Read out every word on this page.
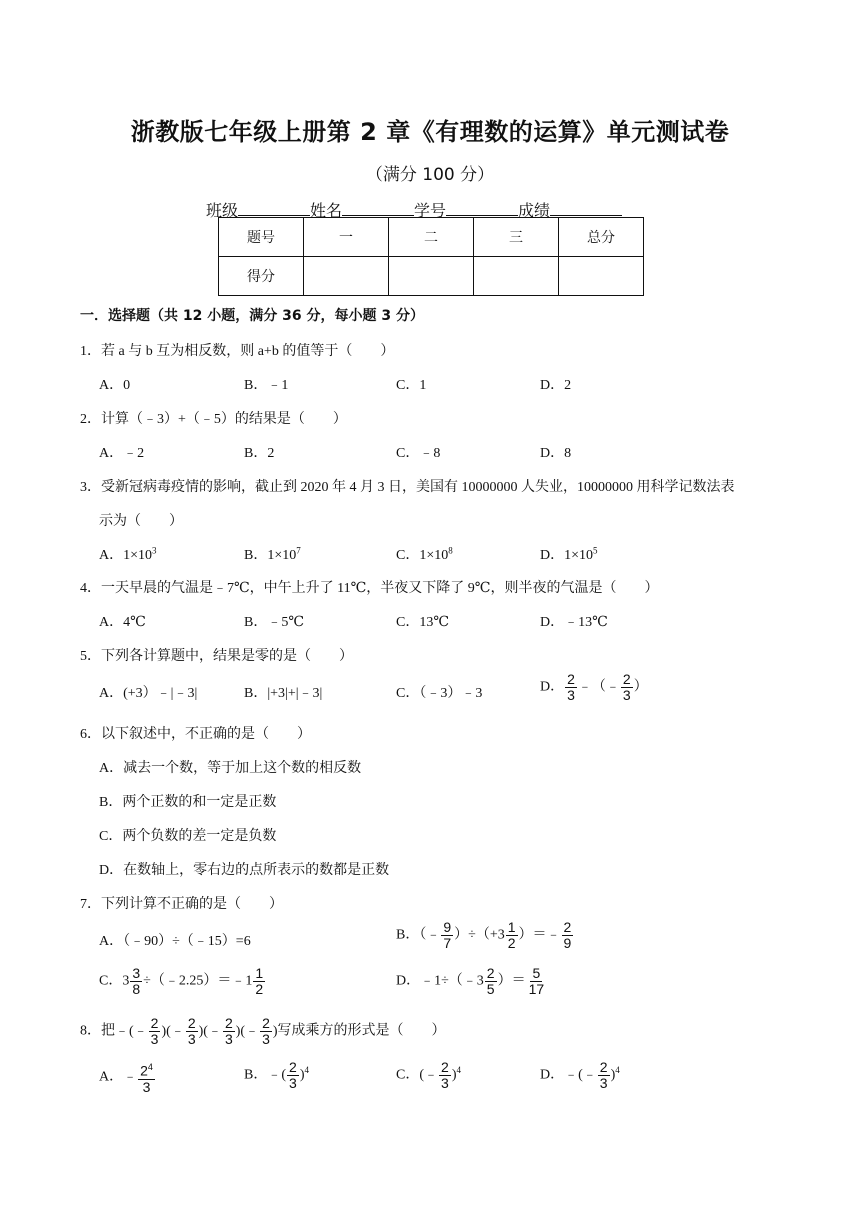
浙教版七年级上册第 2 章《有理数的运算》单元测试卷
（满分 100 分）
班级	姓名	学号	成绩
题号	一	二	三	总分
得分				
一．选择题（共 12 小题，满分 36 分，每小题 3 分）
1．若 a 与 b 互为相反数，则 a+b 的值等于（　　）
A．0	B．﹣1	C．1	D．2
2．计算（﹣3）+（﹣5）的结果是（　　）
A．﹣2	B．2	C．﹣8	D．8
3．受新冠病毒疫情的影响，截止到 2020 年 4 月 3 日，美国有 10000000 人失业，10000000 用科学记数法表
示为（　　）
A．$1\times 10^3$	B．$1\times 10^7$	C．$1\times 10^8$	D．$1\times 10^5$
4．一天早晨的气温是﹣7℃，中午上升了 11℃，半夜又下降了 9℃，则半夜的气温是（　　）
A．4℃	B．﹣5℃	C．13℃	D．﹣13℃
5．下列各计算题中，结果是零的是（　　）
A．(+3）﹣|﹣3|	B．|+3|+|﹣3|	C．（﹣3）﹣3	D． $\frac{2}{3}$ ﹣（﹣ $\frac{2}{3}$ ）
6．以下叙述中，不正确的是（　　）
A．减去一个数，等于加上这个数的相反数
B．两个正数的和一定是正数
C．两个负数的差一定是负数
D．在数轴上，零右边的点所表示的数都是正数
7．下列计算不正确的是（　　）
A．（﹣90）÷（﹣15）=6	B．（﹣ $\frac{9}{7} )\div(+3 \frac{1}{2}$ ）＝﹣ $\frac{2}{9}$
C．$3 \frac{3}{8}$ ÷（﹣2.25）＝﹣1 $\frac{1}{2}$	D．﹣1÷（﹣3 $\frac{2}{5}$ ）＝ $\frac{5}{17}$
8．把﹣(﹣ $\frac{2}{3}$ )(﹣ $\frac{2}{3}$ )(﹣ $\frac{2}{3}$ )(﹣ $\frac{2}{3}$ )写成乘方的形式是（　　）
A．﹣ $\frac{2^4}{3}$	B．﹣( $\frac{2}{3} )^4$	C．(﹣ $\frac{2}{3} )^4$	D．﹣(﹣ $\frac{2}{3} )^4$
